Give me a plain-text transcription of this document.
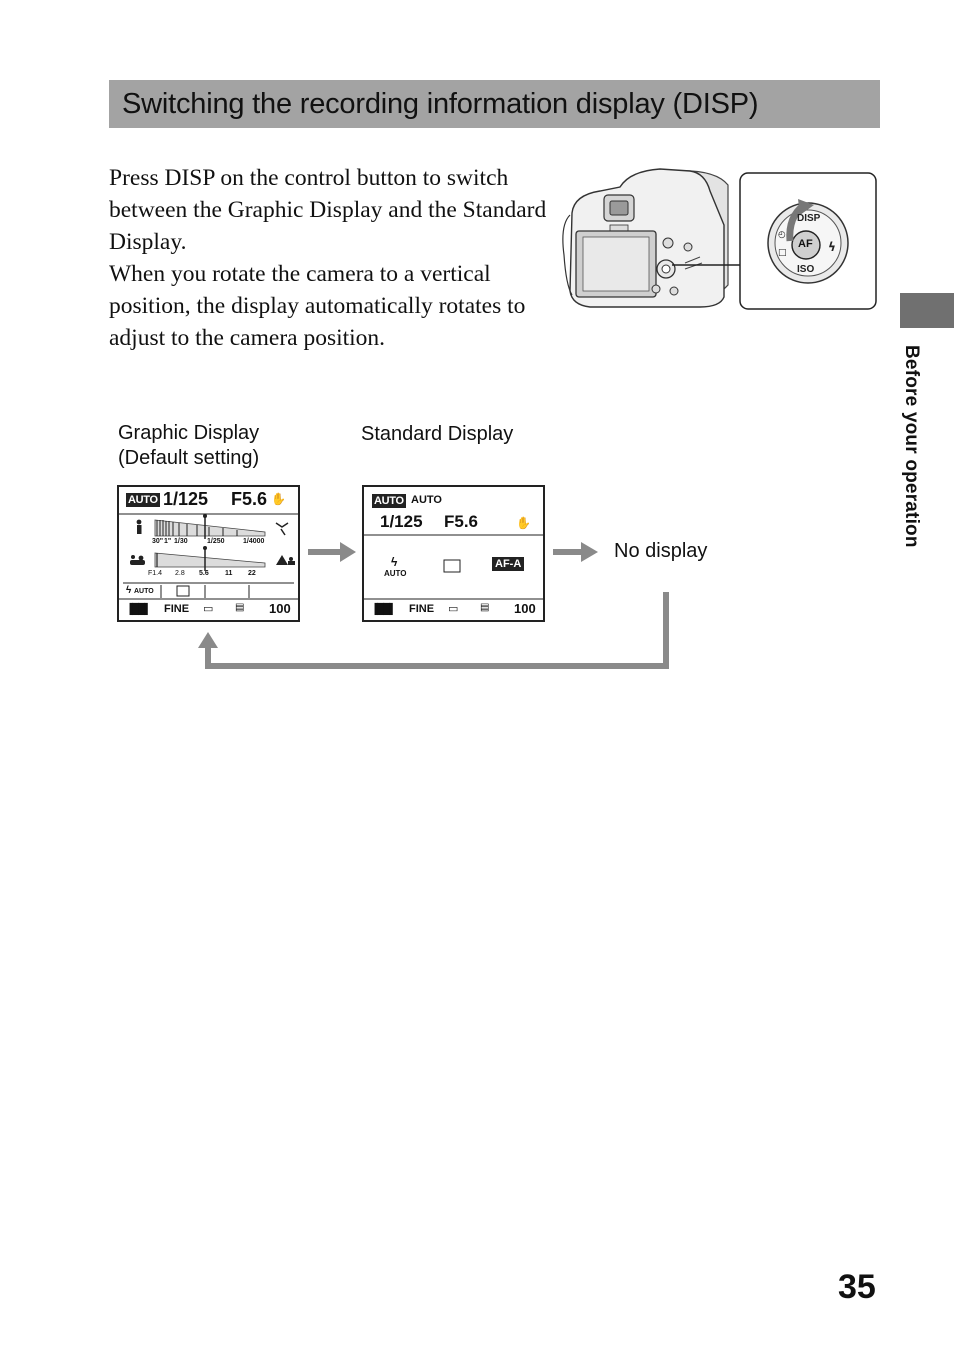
Switching the recording information display (DISP)

Press DISP on the control button to switch between the Graphic Display and the Standard Display.

When you rotate the camera to a vertical position, the display automatically rotates to adjust to the camera position.

◴
□	ϟ
DISP
AF
ISO
Before your operation
Graphic Display
(Default setting)
Standard Display
No display
AUTO 1/125 F5.6 ✋
30" 1" 1/30	1/250	1/4000
F1.4 2.8 5.6 11 22
ϟ AUTO
▐██▌ FINE ▭ ▤ 100
AUTO AUTO
1/125 F5.6	✋
ϟ
AUTO
AF-A
▐██▌ FINE ▭ ▤ 100
35
